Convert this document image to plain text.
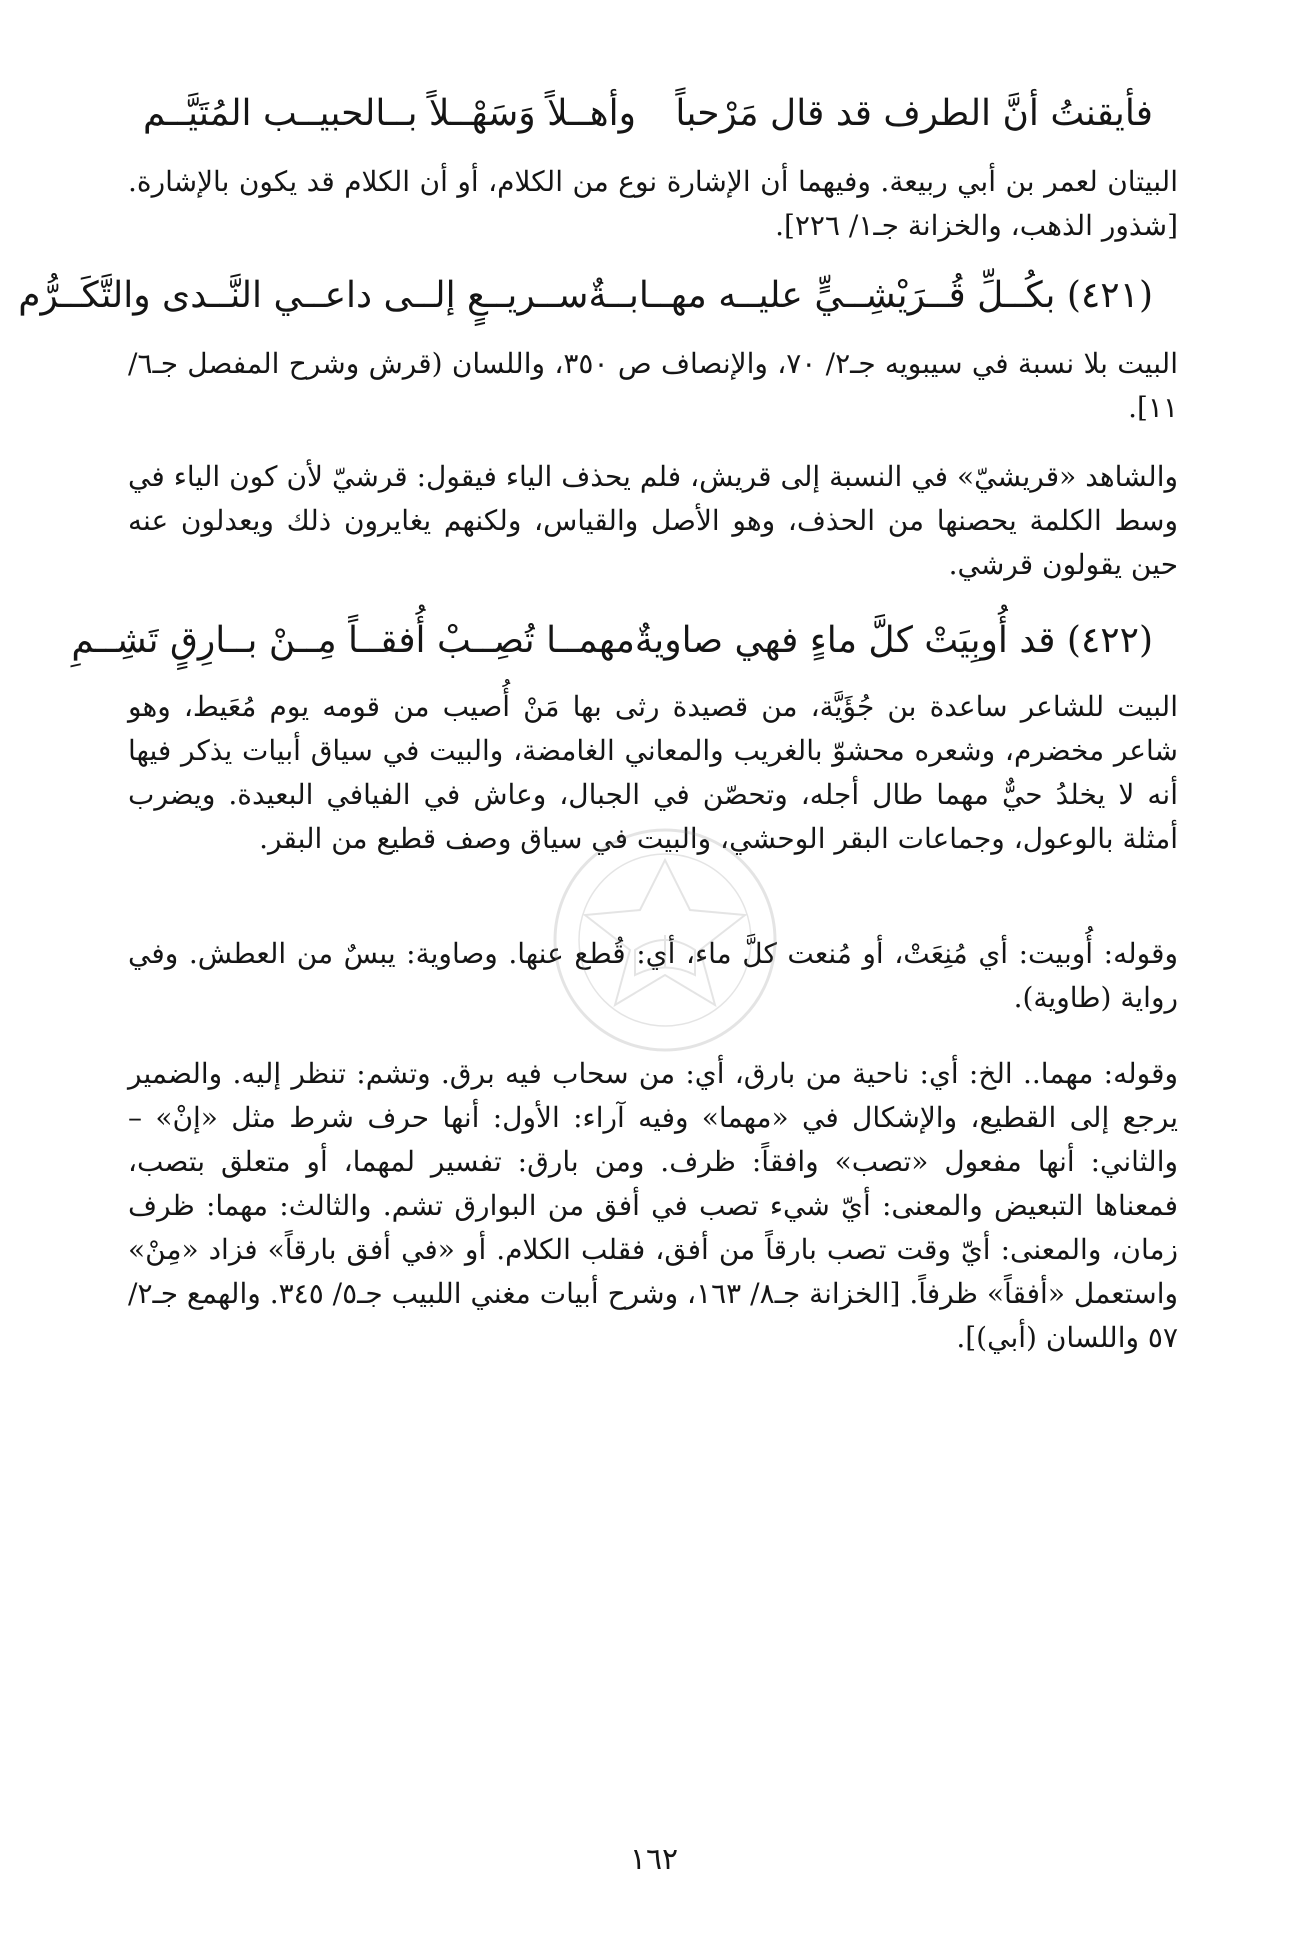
فأيقنتُ أنَّ الطرف قد قال مَرْحباً
وأهــلاً وَسَهْــلاً بــالحبيــب المُتَيَّــم

البيتان لعمر بن أبي ربيعة. وفيهما أن الإشارة نوع من الكلام، أو أن الكلام قد يكون بالإشارة. [شذور الذهب، والخزانة جـ١/ ٢٢٦].

(٤٢١) بكُــلِّ قُــرَيْشِــيٍّ عليــه مهــابــةٌ
ســريــعٍ إلــى داعــي النَّــدى والتَّكَــرُّم

البيت بلا نسبة في سيبويه جـ٢/ ٧٠، والإنصاف ص ٣٥٠، واللسان (قرش وشرح المفصل جـ٦/ ١١].

والشاهد «قريشيّ» في النسبة إلى قريش، فلم يحذف الياء فيقول: قرشيّ لأن كون الياء في وسط الكلمة يحصنها من الحذف، وهو الأصل والقياس، ولكنهم يغايرون ذلك ويعدلون عنه حين يقولون قرشي.

(٤٢٢) قد أُوبِيَتْ كلَّ ماءٍ فهي صاويةٌ
مهمــا تُصِــبْ أُفقــاً مِــنْ بــارِقٍ تَشِــمِ

البيت للشاعر ساعدة بن جُؤَيَّة، من قصيدة رثى بها مَنْ أُصيب من قومه يوم مُعَيط، وهو شاعر مخضرم، وشعره محشوّ بالغريب والمعاني الغامضة، والبيت في سياق أبيات يذكر فيها أنه لا يخلدُ حيٌّ مهما طال أجله، وتحصّن في الجبال، وعاش في الفيافي البعيدة. ويضرب أمثلة بالوعول، وجماعات البقر الوحشي، والبيت في سياق وصف قطيع من البقر.

وقوله: أُوبيت: أي مُنِعَتْ، أو مُنعت كلَّ ماء، أي: قُطع عنها. وصاوية: يبسٌ من العطش. وفي رواية (طاوية).

وقوله: مهما.. الخ: أي: ناحية من بارق، أي: من سحاب فيه برق. وتشم: تنظر إليه. والضمير يرجع إلى القطيع، والإشكال في «مهما» وفيه آراء: الأول: أنها حرف شرط مثل «إنْ» – والثاني: أنها مفعول «تصب» وافقاً: ظرف. ومن بارق: تفسير لمهما، أو متعلق بتصب، فمعناها التبعيض والمعنى: أيّ شيء تصب في أفق من البوارق تشم. والثالث: مهما: ظرف زمان، والمعنى: أيّ وقت تصب بارقاً من أفق، فقلب الكلام. أو «في أفق بارقاً» فزاد «مِنْ» واستعمل «أفقاً» ظرفاً. [الخزانة جـ٨/ ١٦٣، وشرح أبيات مغني اللبيب جـ٥/ ٣٤٥. والهمع جـ٢/ ٥٧ واللسان (أبي)].

١٦٢
